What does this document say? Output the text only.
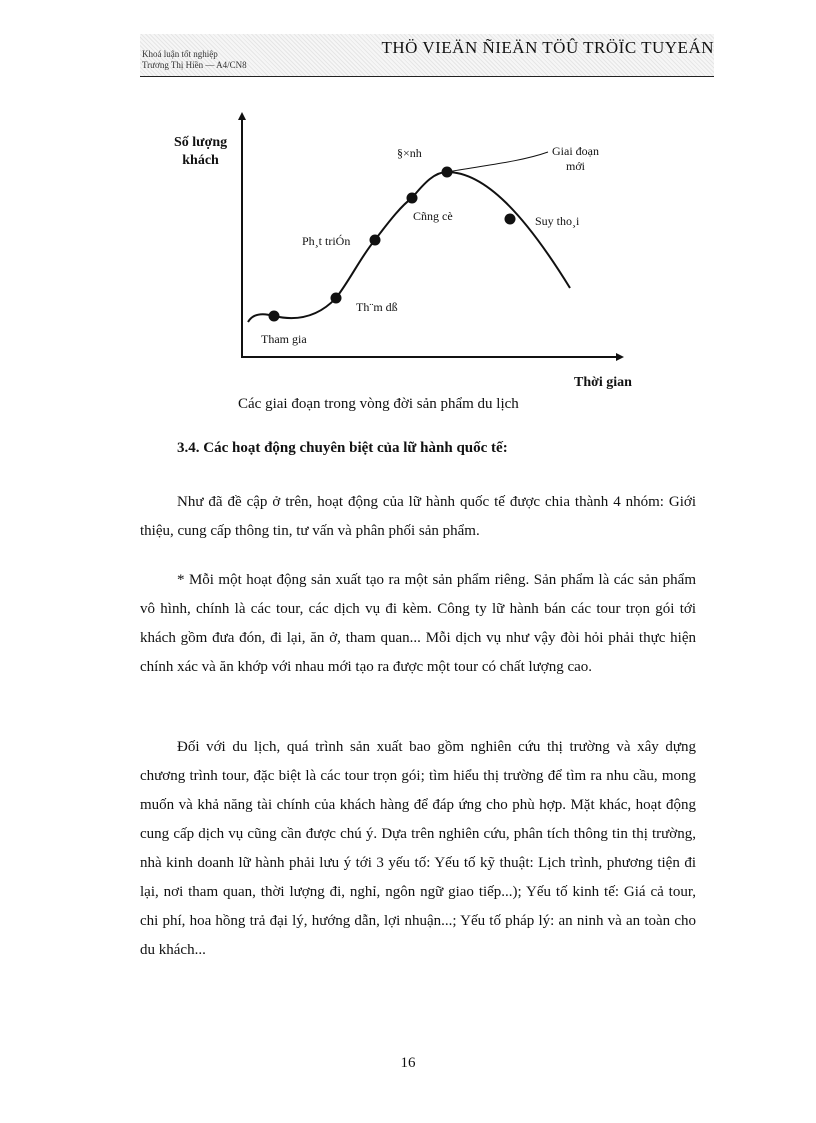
Khoá luận tốt nghiệp
Trương Thị Hiền — A4/CN8
THÖ VIEÄN ÑIEÄN TÖÛ TRÖÏC TUYEÁN
Số lượng
khách
Thời gian
Tham gia
Th¨m dß
Ph¸t triÓn
Cñng cè
§×nh
Suy tho¸i
Giai đoạn
mới
Các giai đoạn trong vòng đời sản phẩm du lịch
3.4. Các hoạt động chuyên biệt của lữ hành quốc tế:

Như đã đề cập ở trên, hoạt động của lữ hành quốc tế được chia thành 4 nhóm: Giới thiệu, cung cấp thông tin, tư vấn và phân phối sản phẩm.

* Mỗi một hoạt động sản xuất tạo ra một sản phẩm riêng. Sản phẩm là các sản phẩm vô hình, chính là các tour, các dịch vụ đi kèm. Công ty lữ hành bán các tour trọn gói tới khách gồm đưa đón, đi lại, ăn ở, tham quan... Mỗi dịch vụ như vậy đòi hỏi phải thực hiện chính xác và ăn khớp với nhau mới tạo ra được một tour có chất lượng cao.

Đối với du lịch, quá trình sản xuất bao gồm nghiên cứu thị trường và xây dựng chương trình tour, đặc biệt là các tour trọn gói; tìm hiểu thị trường để tìm ra nhu cầu, mong muốn và khả năng tài chính của khách hàng để đáp ứng cho phù hợp. Mặt khác, hoạt động cung cấp dịch vụ cũng cần được chú ý. Dựa trên nghiên cứu, phân tích thông tin thị trường, nhà kinh doanh lữ hành phải lưu ý tới 3 yếu tố: Yếu tố kỹ thuật: Lịch trình, phương tiện đi lại, nơi tham quan, thời lượng đi, nghỉ, ngôn ngữ giao tiếp...); Yếu tố kinh tế: Giá cả tour, chi phí, hoa hồng trả đại lý, hướng dẫn, lợi nhuận...; Yếu tố pháp lý: an ninh và an toàn cho du khách...

16
